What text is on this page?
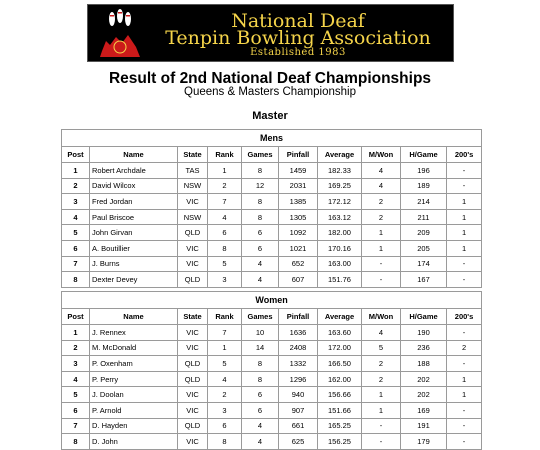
National Deaf
Tenpin Bowling Association
Established 1983
Result of 2nd National Deaf Championships
Queens & Masters Championship
Master
Mens									
Post	Name	State	Rank	Games	Pinfall	Average	M/Won	H/Game	200's
1	Robert Archdale	TAS	1	8	1459	182.33	4	196	-
2	David Wilcox	NSW	2	12	2031	169.25	4	189	-
3	Fred Jordan	VIC	7	8	1385	172.12	2	214	1
4	Paul Briscoe	NSW	4	8	1305	163.12	2	211	1
5	John Girvan	QLD	6	6	1092	182.00	1	209	1
6	A. Boutillier	VIC	8	6	1021	170.16	1	205	1
7	J. Burns	VIC	5	4	652	163.00	-	174	-
8	Dexter Devey	QLD	3	4	607	151.76	-	167	-
Women									
Post	Name	State	Rank	Games	Pinfall	Average	M/Won	H/Game	200's
1	J. Rennex	VIC	7	10	1636	163.60	4	190	-
2	M. McDonald	VIC	1	14	2408	172.00	5	236	2
3	P. Oxenham	QLD	5	8	1332	166.50	2	188	-
4	P. Perry	QLD	4	8	1296	162.00	2	202	1
5	J. Doolan	VIC	2	6	940	156.66	1	202	1
6	P. Arnold	VIC	3	6	907	151.66	1	169	-
7	D. Hayden	QLD	6	4	661	165.25	-	191	-
8	D. John	VIC	8	4	625	156.25	-	179	-
